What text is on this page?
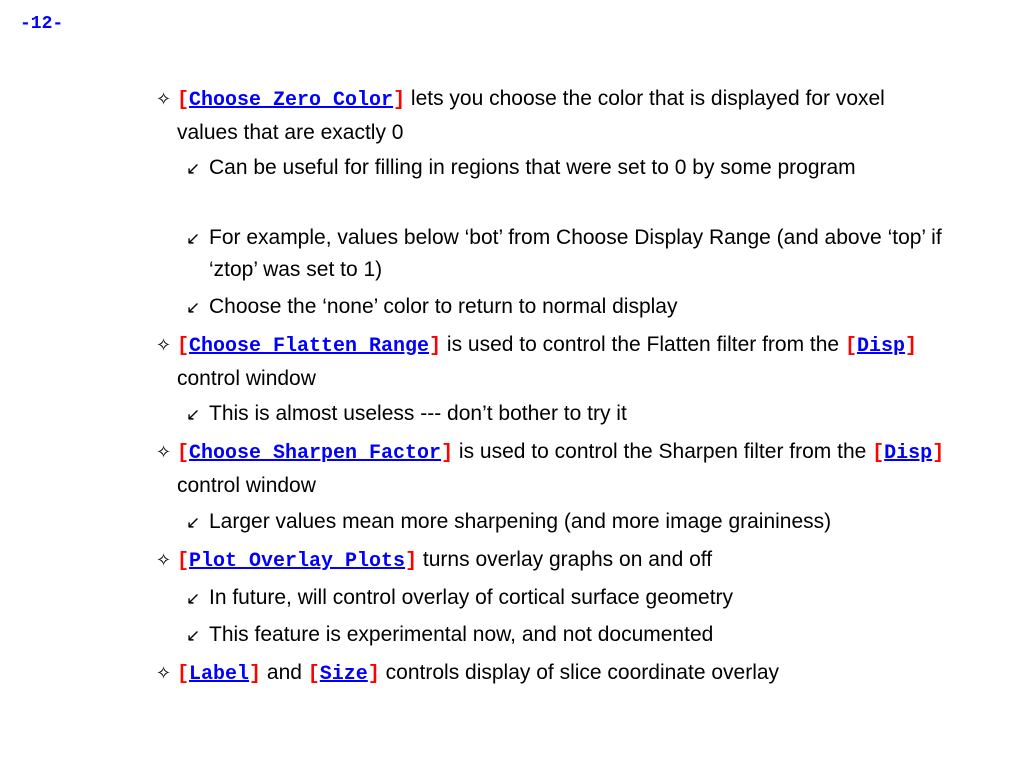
-12-
✧ [Choose Zero Color] lets you choose the color that is displayed for voxel values that are exactly 0
↙ Can be useful for filling in regions that were set to 0 by some program
↙ For example, values below ‘bot’ from Choose Display Range (and above ‘top’ if ‘ztop’ was set to 1)
↙ Choose the ‘none’ color to return to normal display
✧ [Choose Flatten Range] is used to control the Flatten filter from the [Disp] control window
↙ This is almost useless --- don’t bother to try it
✧ [Choose Sharpen Factor] is used to control the Sharpen filter from the [Disp] control window
↙ Larger values mean more sharpening (and more image graininess)
✧ [Plot Overlay Plots] turns overlay graphs on and off
↙ In future, will control overlay of cortical surface geometry
↙ This feature is experimental now, and not documented
✧ [Label] and [Size] controls display of slice coordinate overlay
